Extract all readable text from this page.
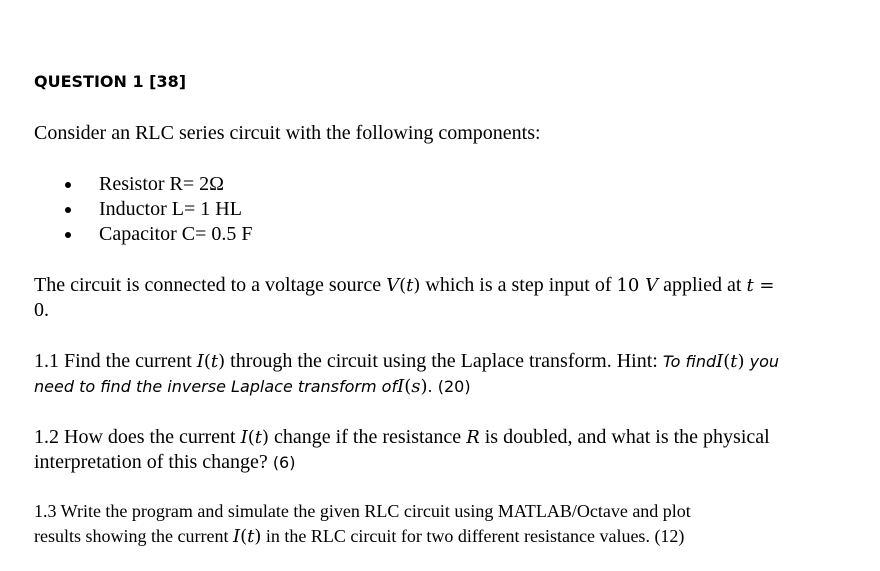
QUESTION 1 [38]
Consider an RLC series circuit with the following components:
Resistor R= 2Ω
Inductor L= 1 HL
Capacitor C= 0.5 F
The circuit is connected to a voltage source V(t) which is a step input of 10 V applied at t =
0.
1.1 Find the current I(t) through the circuit using the Laplace transform. Hint: To findI(t) you
need to find the inverse Laplace transform ofI(s). (20)
1.2 How does the current I(t) change if the resistance R is doubled, and what is the physical
interpretation of this change? (6)
1.3 Write the program and simulate the given RLC circuit using MATLAB/Octave and plot
results showing the current I(t) in the RLC circuit for two different resistance values. (12)
